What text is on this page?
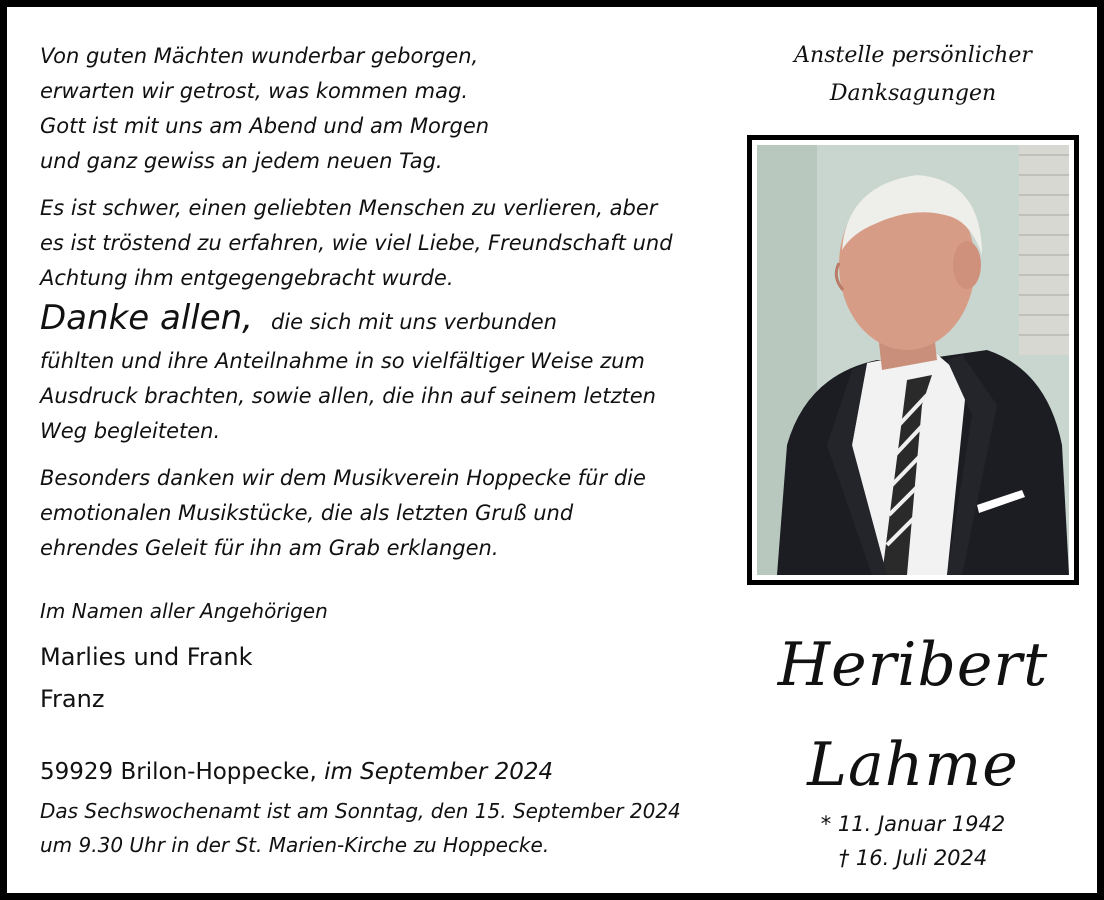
Von guten Mächten wunderbar geborgen,
erwarten wir getrost, was kommen mag.
Gott ist mit uns am Abend und am Morgen
und ganz gewiss an jedem neuen Tag.

Es ist schwer, einen geliebten Menschen zu verlieren, aber
es ist tröstend zu erfahren, wie viel Liebe, Freundschaft und
Achtung ihm entgegengebracht wurde.

Danke allen, die sich mit uns verbunden

fühlten und ihre Anteilnahme in so vielfältiger Weise zum
Ausdruck brachten, sowie allen, die ihn auf seinem letzten
Weg begleiteten.

Besonders danken wir dem Musikverein Hoppecke für die
emotionalen Musikstücke, die als letzten Gruß und
ehrendes Geleit für ihn am Grab erklangen.

Im Namen aller Angehörigen

Marlies und Frank
Franz

59929 Brilon-Hoppecke, im September 2024

Das Sechswochenamt ist am Sonntag, den 15. September 2024
um 9.30 Uhr in der St. Marien-Kirche zu Hoppecke.

Anstelle persönlicher
Danksagungen

Heribert
Lahme
* 11. Januar 1942
† 16. Juli 2024
